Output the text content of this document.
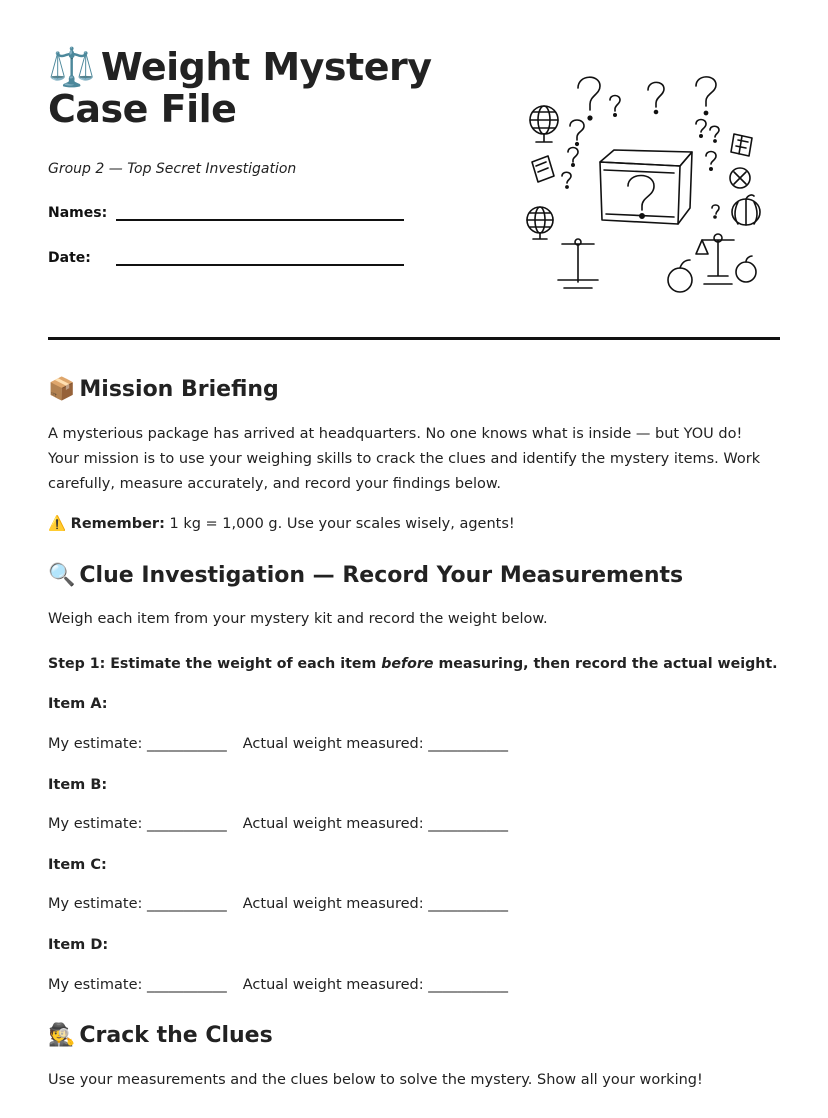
⚖️ Weight Mystery Case File

Group 2 — Top Secret Investigation

Names:
Date:
📦 Mission Briefing

A mysterious package has arrived at headquarters. No one knows what is inside — but YOU do! Your mission is to use your weighing skills to crack the clues and identify the mystery items. Work carefully, measure accurately, and record your findings below.

⚠️ Remember: 1 kg = 1,000 g. Use your scales wisely, agents!

🔍 Clue Investigation — Record Your Measurements

Weigh each item from your mystery kit and record the weight below.

Step 1: Estimate the weight of each item before measuring, then record the actual weight.

Item A:

My estimate: ___________ Actual weight measured: ___________

Item B:

My estimate: ___________ Actual weight measured: ___________

Item C:

My estimate: ___________ Actual weight measured: ___________

Item D:

My estimate: ___________ Actual weight measured: ___________

🕵️ Crack the Clues

Use your measurements and the clues below to solve the mystery. Show all your working!
